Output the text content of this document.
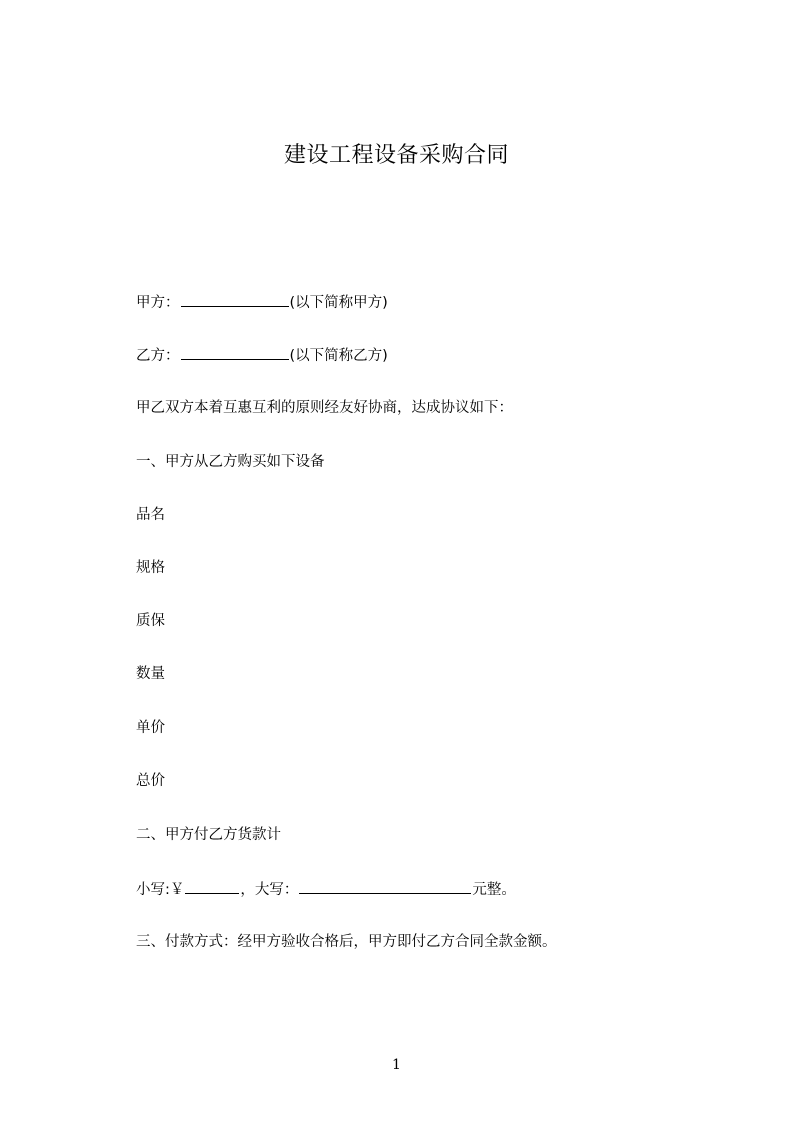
建设工程设备采购合同
甲方：	(以下简称甲方)
乙方：	(以下简称乙方)
甲乙双方本着互惠互利的原则经友好协商，达成协议如下：
一、甲方从乙方购买如下设备
品名
规格
质保
数量
单价
总价
二、甲方付乙方货款计
小写:￥	，大写：	元整。
三、付款方式：经甲方验收合格后，甲方即付乙方合同全款金额。
1
